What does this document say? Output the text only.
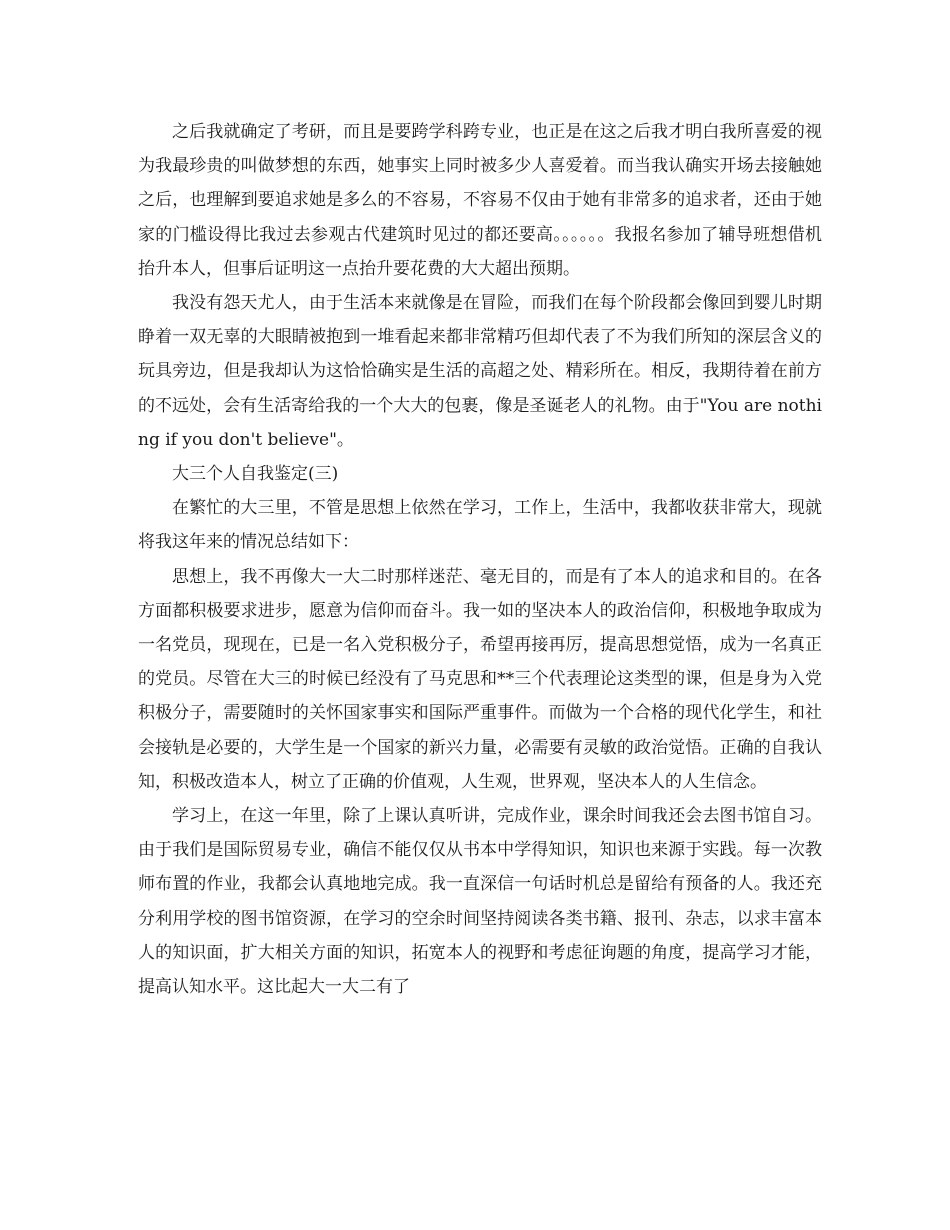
之后我就确定了考研，而且是要跨学科跨专业，也正是在这之后我才明白我所喜爱的视为我最珍贵的叫做梦想的东西，她事实上同时被多少人喜爱着。而当我认确实开场去接触她之后，也理解到要追求她是多么的不容易，不容易不仅由于她有非常多的追求者，还由于她家的门槛设得比我过去参观古代建筑时见过的都还要高。。。。。。我报名参加了辅导班想借机抬升本人，但事后证明这一点抬升要花费的大大超出预期。

我没有怨天尤人，由于生活本来就像是在冒险，而我们在每个阶段都会像回到婴儿时期睁着一双无辜的大眼睛被抱到一堆看起来都非常精巧但却代表了不为我们所知的深层含义的玩具旁边，但是我却认为这恰恰确实是生活的高超之处、精彩所在。相反，我期待着在前方的不远处，会有生活寄给我的一个大大的包裹，像是圣诞老人的礼物。由于"You are nothing if you don't believe"。

大三个人自我鉴定(三)

在繁忙的大三里，不管是思想上依然在学习，工作上，生活中，我都收获非常大，现就将我这年来的情况总结如下：

思想上，我不再像大一大二时那样迷茫、毫无目的，而是有了本人的追求和目的。在各方面都积极要求进步，愿意为信仰而奋斗。我一如的坚决本人的政治信仰，积极地争取成为一名党员，现现在，已是一名入党积极分子，希望再接再厉，提高思想觉悟，成为一名真正的党员。尽管在大三的时候已经没有了马克思和**三个代表理论这类型的课，但是身为入党积极分子，需要随时的关怀国家事实和国际严重事件。而做为一个合格的现代化学生，和社会接轨是必要的，大学生是一个国家的新兴力量，必需要有灵敏的政治觉悟。正确的自我认知，积极改造本人，树立了正确的价值观，人生观，世界观，坚决本人的人生信念。

学习上，在这一年里，除了上课认真听讲，完成作业，课余时间我还会去图书馆自习。由于我们是国际贸易专业，确信不能仅仅从书本中学得知识，知识也来源于实践。每一次教师布置的作业，我都会认真地地完成。我一直深信一句话时机总是留给有预备的人。我还充分利用学校的图书馆资源，在学习的空余时间坚持阅读各类书籍、报刊、杂志，以求丰富本人的知识面，扩大相关方面的知识，拓宽本人的视野和考虑征询题的角度，提高学习才能，提高认知水平。这比起大一大二有了
